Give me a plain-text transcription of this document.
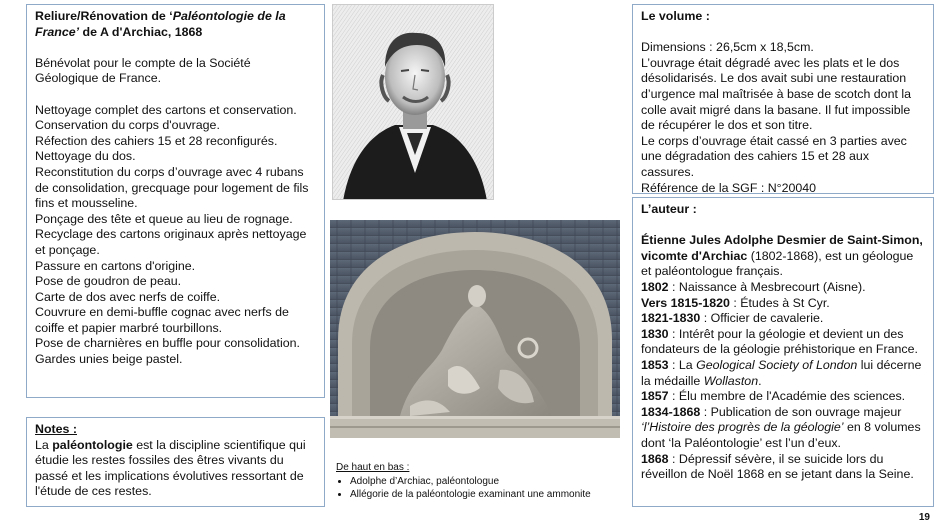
Reliure/Rénovation de ‘Paléontologie de la France’ de A d'Archiac, 1868
Bénévolat pour le compte de la Société Géologique de France.
Nettoyage complet des cartons et conservation.
Conservation du corps d'ouvrage.
Réfection des cahiers 15 et 28 reconfigurés.
Nettoyage du dos.
Reconstitution du corps d’ouvrage avec 4 rubans de consolidation, grecquage pour logement de fils fins et mousseline.
Ponçage des tête et queue au lieu de rognage.
Recyclage des cartons originaux après nettoyage et ponçage.
Passure en cartons d'origine.
Pose de goudron de peau.
Carte de dos avec nerfs de coiffe.
Couvrure en demi-buffle cognac avec nerfs de coiffe et papier marbré tourbillons.
Pose de charnières en buffle pour consolidation.
Gardes unies beige pastel.
Notes :
La paléontologie est la discipline scientifique qui étudie les restes fossiles des êtres vivants du passé et les implications évolutives ressortant de l'étude de ces restes.
De haut en bas :
• Adolphe d’Archiac, paléontologue
• Allégorie de la paléontologie examinant une ammonite
Le volume :
Dimensions : 26,5cm x 18,5cm.
L’ouvrage était dégradé avec les plats et le dos désolidarisés. Le dos avait subi une restauration d’urgence mal maîtrisée à base de scotch dont la colle avait migré dans la basane. Il fut impossible de récupérer le dos et son titre.
Le corps d’ouvrage était cassé en 3 parties avec une dégradation des cahiers 15 et 28 aux cassures.
Référence de la SGF : N°20040
L’auteur :
Étienne Jules Adolphe Desmier de Saint-Simon, vicomte d'Archiac (1802-1868), est un géologue et paléontologue français.
1802 : Naissance à Mesbrecourt (Aisne).
Vers 1815-1820 : Études à St Cyr.
1821-1830 : Officier de cavalerie.
1830 : Intérêt pour la géologie et devient un des fondateurs de la géologie préhistorique en France.
1853 : La Geological Society of London lui décerne la médaille Wollaston.
1857 : Élu membre de l'Académie des sciences.
1834-1868 : Publication de son ouvrage majeur ‘l’Histoire des progrès de la géologie’ en 8 volumes dont ‘la Paléontologie’ est l’un d’eux.
1868 : Dépressif sévère, il se suicide lors du réveillon de Noël 1868 en se jetant dans la Seine.
19
